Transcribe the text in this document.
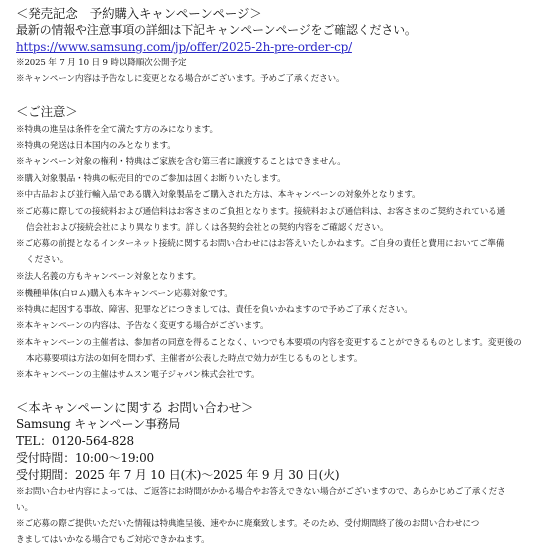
＜発売記念　予約購入キャンペーンページ＞
最新の情報や注意事項の詳細は下記キャンペーンページをご確認ください。
https://www.samsung.com/jp/offer/2025-2h-pre-order-cp/
※2025 年 7 月 10 日 9 時以降順次公開予定
※キャンペーン内容は予告なしに変更となる場合がございます。予めご了承ください。
＜ご注意＞
※特典の進呈は条件を全て満たす方のみになります。
※特典の発送は日本国内のみとなります。
※キャンペーン対象の権利・特典はご家族を含む第三者に譲渡することはできません。
※購入対象製品・特典の転売目的でのご参加は固くお断りいたします。
※中古品および並行輸入品である購入対象製品をご購入された方は、本キャンペーンの対象外となります。
※ご応募に際しての接続料および通信料はお客さまのご負担となります。接続料および通信料は、お客さまのご契約されている通
信会社および接続会社により異なります。詳しくは各契約会社との契約内容をご確認ください。
※ご応募の前提となるインターネット接続に関するお問い合わせにはお答えいたしかねます。ご自身の責任と費用においてご準備
ください。
※法人名義の方もキャンペーン対象となります。
※機種単体(白ロム)購入も本キャンペーン応募対象です。
※特典に起因する事故、障害、犯罪などにつきましては、責任を負いかねますので予めご了承ください。
※本キャンペーンの内容は、予告なく変更する場合がございます。
※本キャンペーンの主催者は、参加者の同意を得ることなく、いつでも本要項の内容を変更することができるものとします。変更後の
本応募要項は方法の如何を問わず、主催者が公表した時点で効力が生じるものとします。
※本キャンペーンの主催はサムスン電子ジャパン株式会社です。
＜本キャンペーンに関する お問い合わせ＞
Samsung キャンペーン事務局
TEL：0120-564-828
受付時間：10:00～19:00
受付期間：2025 年 7 月 10 日(木)～2025 年 9 月 30 日(火)
※お問い合わせ内容によっては、ご返答にお時間がかかる場合やお答えできない場合がございますので、あらかじめご了承くださ
い。
※ご応募の際ご提供いただいた情報は特典進呈後、速やかに廃棄致します。そのため、受付期間終了後のお問い合わせにつ
きましてはいかなる場合でもご対応できかねます。
